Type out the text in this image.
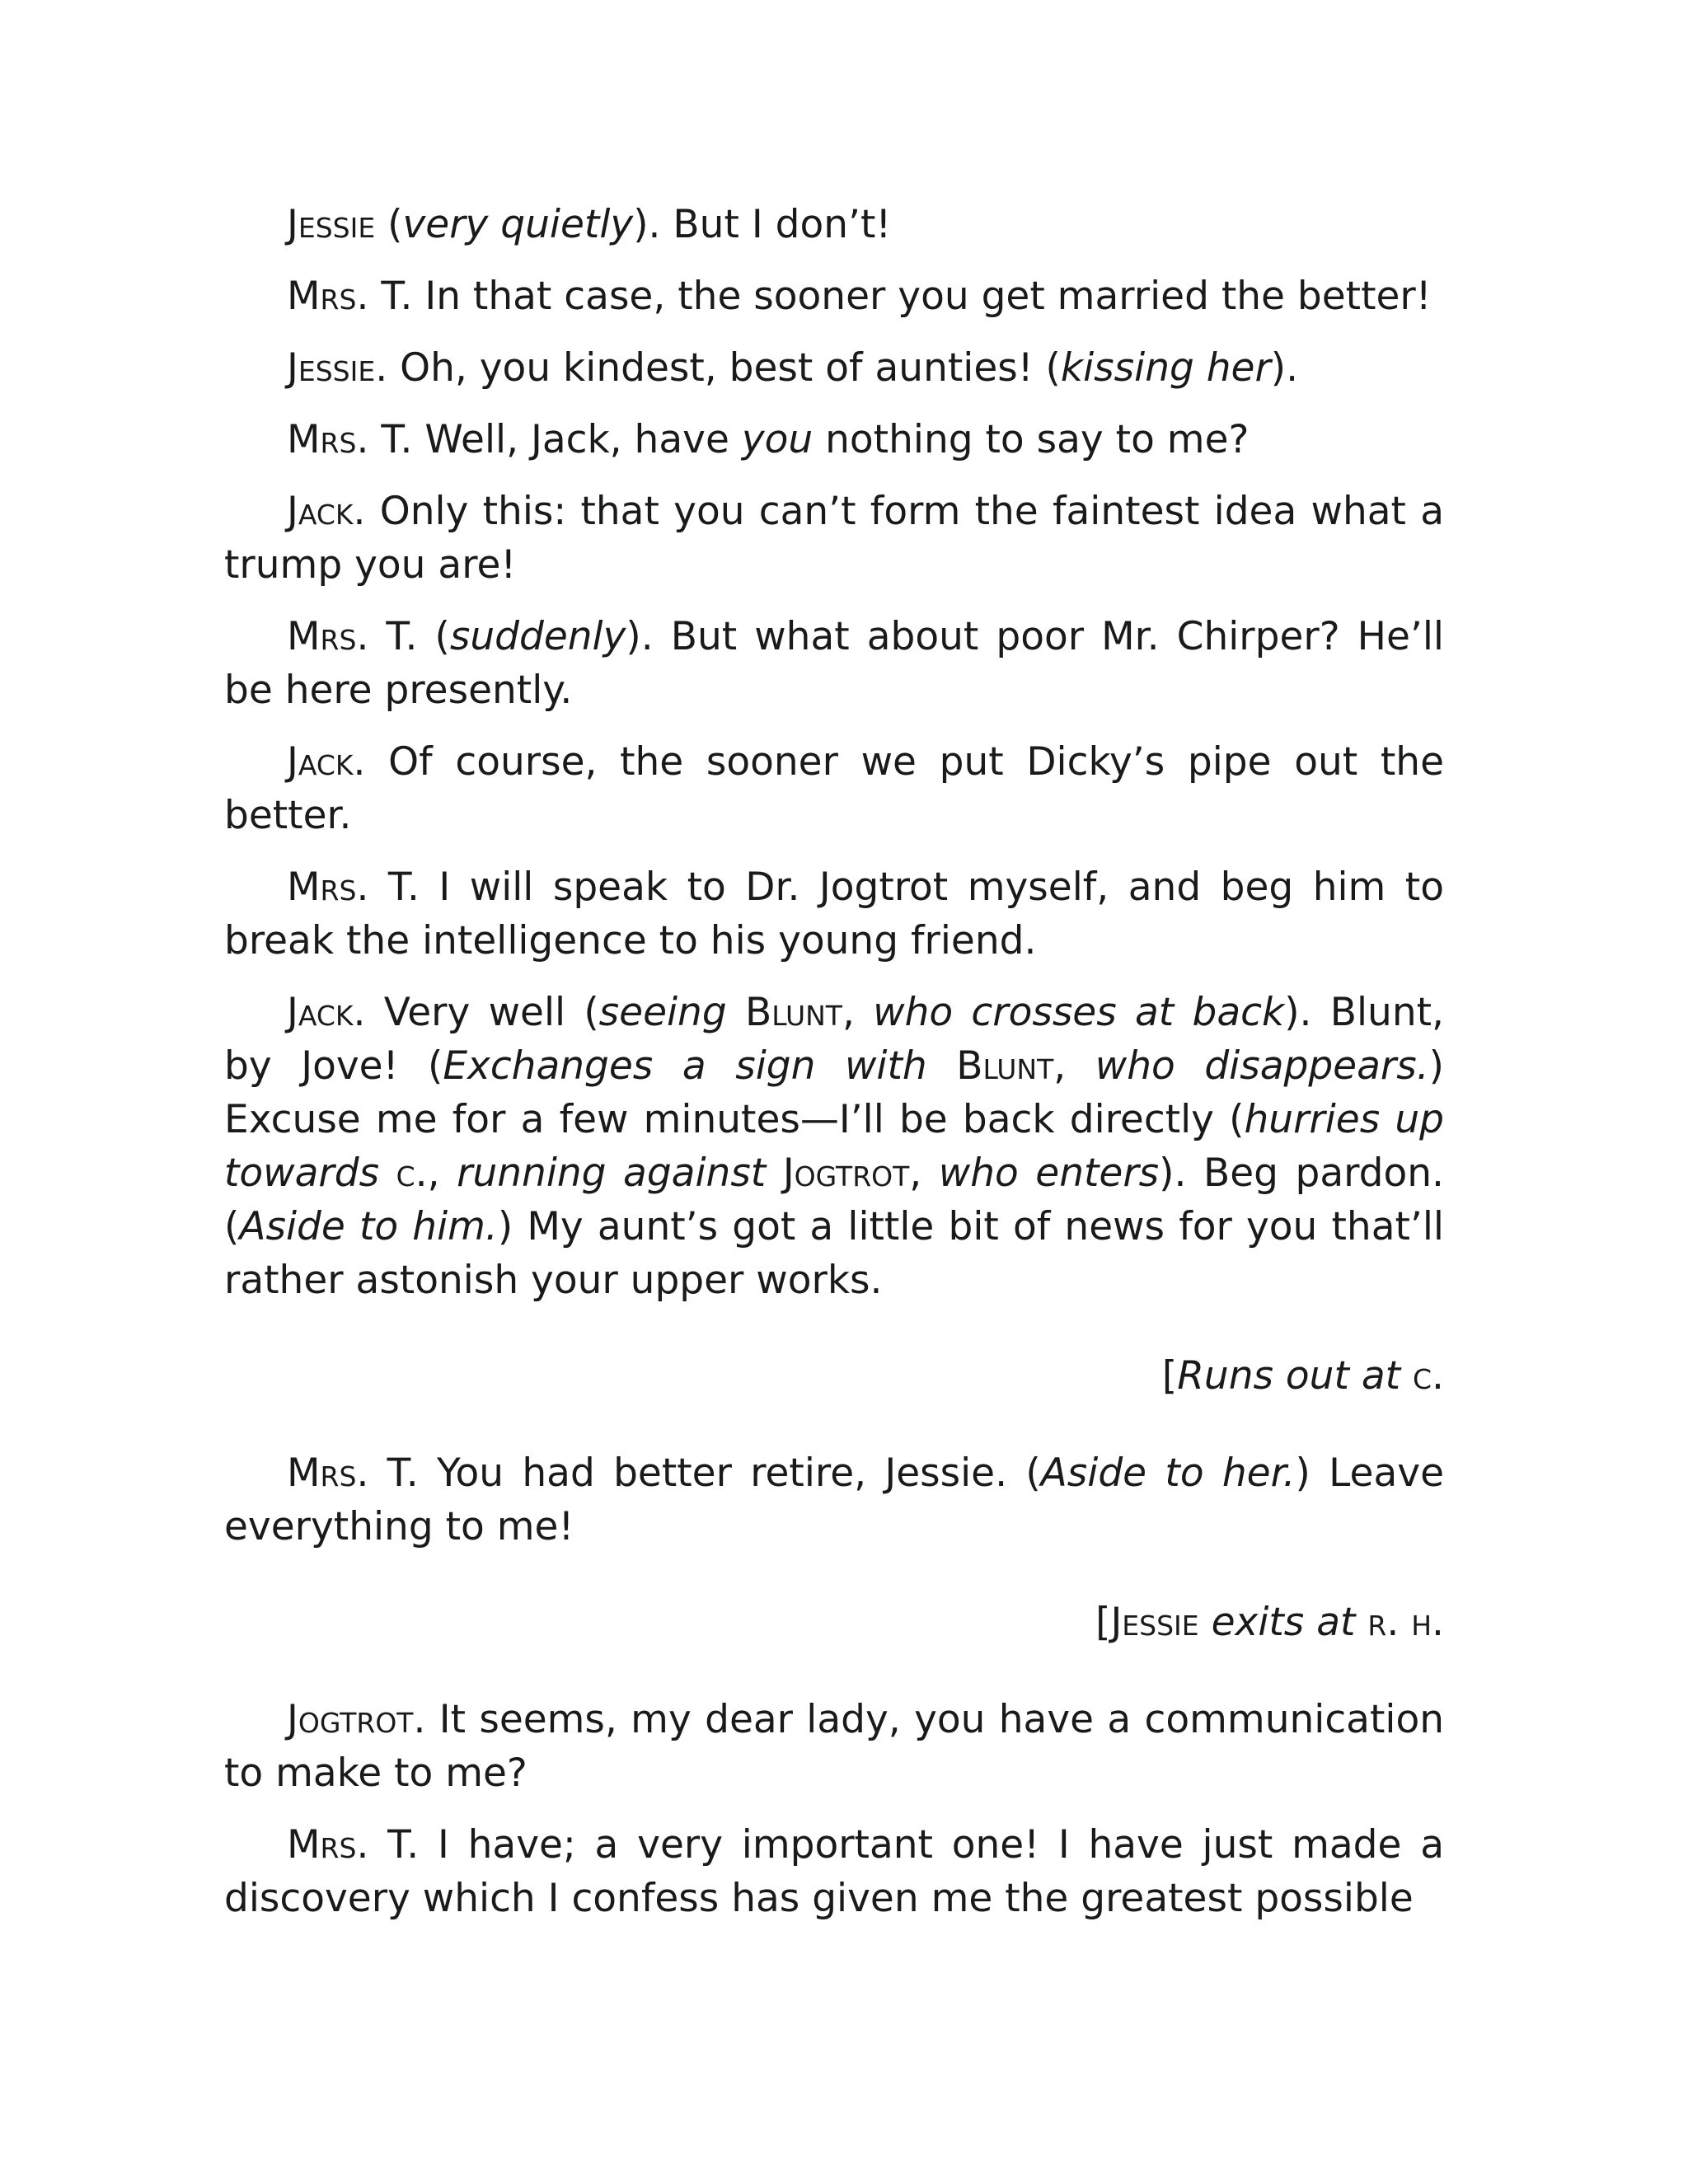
Jessie (very quietly). But I don’t!

Mrs. T. In that case, the sooner you get married the better!

Jessie. Oh, you kindest, best of aunties! (kissing her).

Mrs. T. Well, Jack, have you nothing to say to me?

Jack. Only this: that you can’t form the faintest idea what a trump you are!

Mrs. T. (suddenly). But what about poor Mr. Chirper? He’ll be here presently.

Jack. Of course, the sooner we put Dicky’s pipe out the better.

Mrs. T. I will speak to Dr. Jogtrot myself, and beg him to break the intelligence to his young friend.

Jack. Very well (seeing Blunt, who crosses at back). Blunt, by Jove! (Exchanges a sign with Blunt, who disappears.) Excuse me for a few minutes—I’ll be back directly (hurries up towards c., running against Jogtrot, who enters). Beg pardon. (Aside to him.) My aunt’s got a little bit of news for you that’ll rather astonish your upper works.

[Runs out at c.

Mrs. T. You had better retire, Jessie. (Aside to her.) Leave everything to me!

[Jessie exits at r. h.

Jogtrot. It seems, my dear lady, you have a communication to make to me?

Mrs. T. I have; a very important one! I have just made a discovery which I confess has given me the greatest possible
